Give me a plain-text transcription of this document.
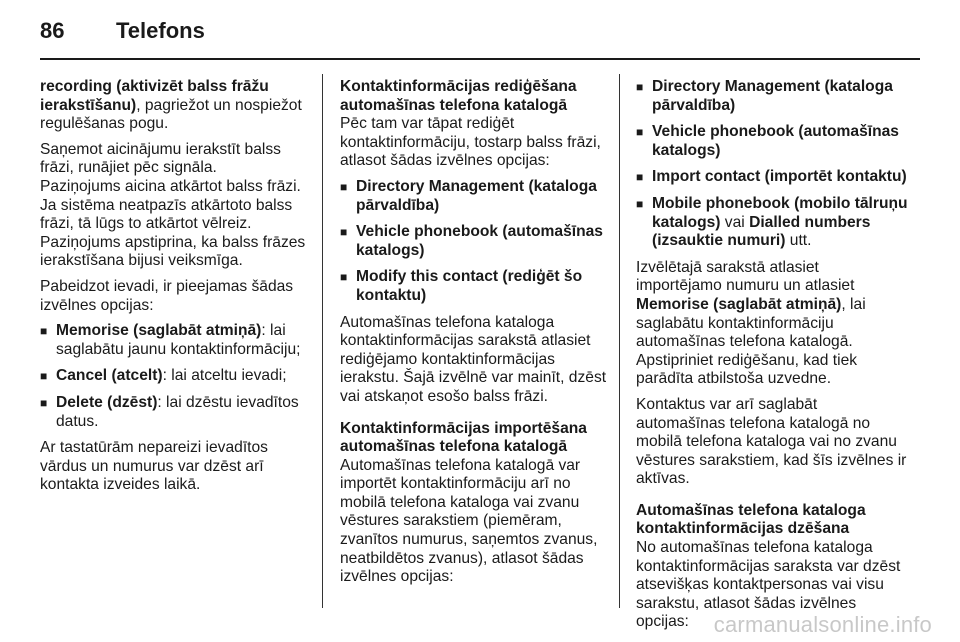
86	Telefons

recording (aktivizēt balss frāžu ierakstīšanu), pagriežot un nospiežot regulēšanas pogu.

Saņemot aicinājumu ierakstīt balss frāzi, runājiet pēc signāla.

Paziņojums aicina atkārtot balss frāzi. Ja sistēma neatpazīs atkārtoto balss frāzi, tā lūgs to atkārtot vēlreiz.

Paziņojums apstiprina, ka balss frāzes ierakstīšana bijusi veiksmīga.

Pabeidzot ievadi, ir pieejamas šādas izvēlnes opcijas:

■ Memorise (saglabāt atmiņā): lai saglabātu jaunu kontaktinformāciju;
■ Cancel (atcelt): lai atceltu ievadi;
■ Delete (dzēst): lai dzēstu ievadītos datus.

Ar tastatūrām nepareizi ievadītos vārdus un numurus var dzēst arī kontakta izveides laikā.

Kontaktinformācijas rediģēšana automašīnas telefona katalogā

Pēc tam var tāpat rediģēt kontaktinformāciju, tostarp balss frāzi, atlasot šādas izvēlnes opcijas:

■ Directory Management (kataloga pārvaldība)
■ Vehicle phonebook (automašīnas katalogs)
■ Modify this contact (rediģēt šo kontaktu)

Automašīnas telefona kataloga kontaktinformācijas sarakstā atlasiet rediģējamo kontaktinformācijas ierakstu. Šajā izvēlnē var mainīt, dzēst vai atskaņot esošo balss frāzi.

Kontaktinformācijas importēšana automašīnas telefona katalogā

Automašīnas telefona katalogā var importēt kontaktinformāciju arī no mobilā telefona kataloga vai zvanu vēstures sarakstiem (piemēram, zvanītos numurus, saņemtos zvanus, neatbildētos zvanus), atlasot šādas izvēlnes opcijas:

■ Directory Management (kataloga pārvaldība)
■ Vehicle phonebook (automašīnas katalogs)
■ Import contact (importēt kontaktu)
■ Mobile phonebook (mobilo tālruņu katalogs) vai Dialled numbers (izsauktie numuri) utt.

Izvēlētajā sarakstā atlasiet importējamo numuru un atlasiet Memorise (saglabāt atmiņā), lai saglabātu kontaktinformāciju automašīnas telefona katalogā. Apstipriniet rediģēšanu, kad tiek parādīta atbilstoša uzvedne.

Kontaktus var arī saglabāt automašīnas telefona katalogā no mobilā telefona kataloga vai no zvanu vēstures sarakstiem, kad šīs izvēlnes ir aktīvas.

Automašīnas telefona kataloga kontaktinformācijas dzēšana

No automašīnas telefona kataloga kontaktinformācijas saraksta var dzēst atsevišķas kontaktpersonas vai visu sarakstu, atlasot šādas izvēlnes opcijas:	carmanualsonline.info
